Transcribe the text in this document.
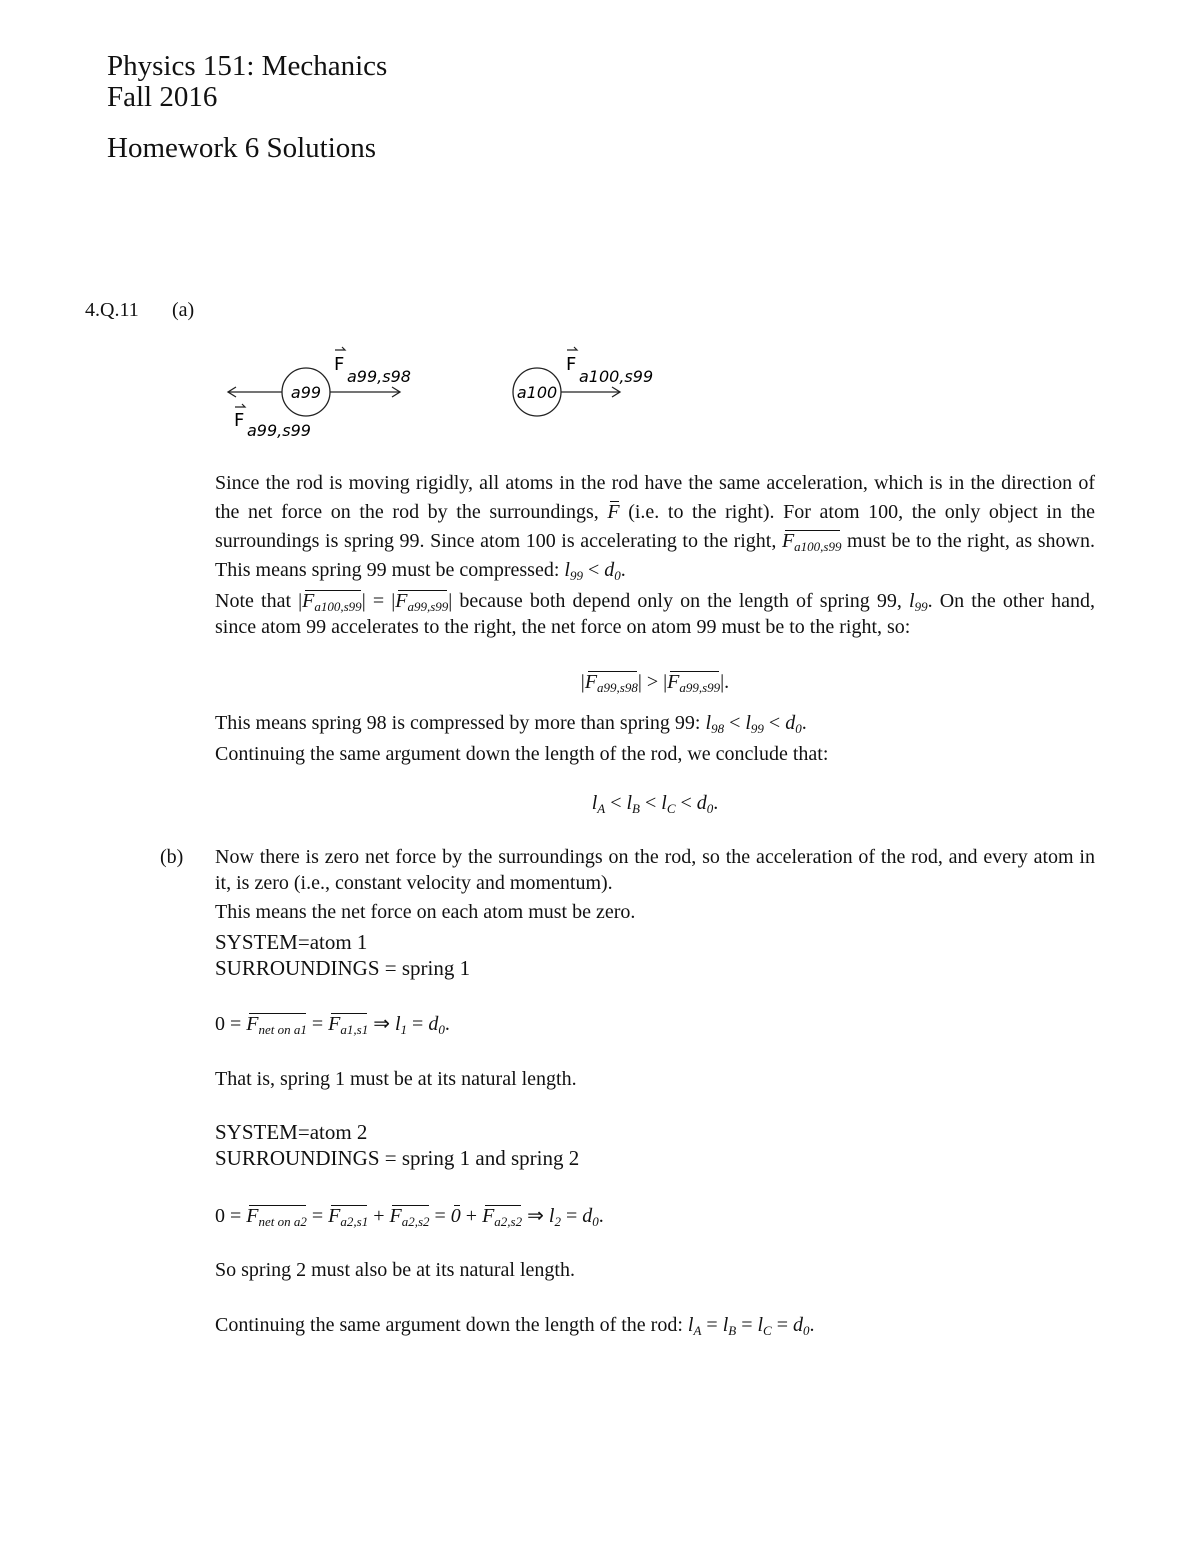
Physics 151: Mechanics
Fall 2016
Homework 6 Solutions
4.Q.11 (a)
a99	a100
F
a99,s98
F a99,s99
F
a100,s99
Since the rod is moving rigidly, all atoms in the rod have the same acceleration, which is in the direction of the net force on the rod by the surroundings,
F (i.e. to the right). For atom 100, the only object in the surroundings is spring 99. Since atom 100 is accelerating to the right,
$F_{a100,s99}$ must be to the right, as shown. This means spring 99 must be compressed: $l_{99} < d_0$.
Note that |
$F_{a100,s99}|$ = |
$F_{a99,s99}|$ because both depend only on the length of spring 99, $l_{99}$. On the other hand, since atom 99 accelerates to the right, the net force on atom 99 must be to the right, so:
|
$F_{a99,s98}|$ > |
$F_{a99,s99}|$.
This means spring 98 is compressed by more than spring 99: $l_{98} < l_{99} < d_0$.
Continuing the same argument down the length of the rod, we conclude that:
$l_A < l_B < l_C < d_0$.
(b) Now there is zero net force by the surroundings on the rod, so the acceleration of the rod, and every atom in it, is zero (i.e., constant velocity and momentum).
This means the net force on each atom must be zero.
SYSTEM=atom 1
SURROUNDINGS = spring 1
0 =
$F_{net on a1}$ =
$F_{a1,s1}$ ⇒ $l_1 = d_0$.
That is, spring 1 must be at its natural length.
SYSTEM=atom 2
SURROUNDINGS = spring 1 and spring 2
0 =
$F_{net on a2}$ =
$F_{a2,s1}$ +
$F_{a2,s2}$ =
0 +
$F_{a2,s2}$ ⇒ $l_2 = d_0$.
So spring 2 must also be at its natural length.
Continuing the same argument down the length of the rod: $l_A = l_B = l_C = d_0$.
